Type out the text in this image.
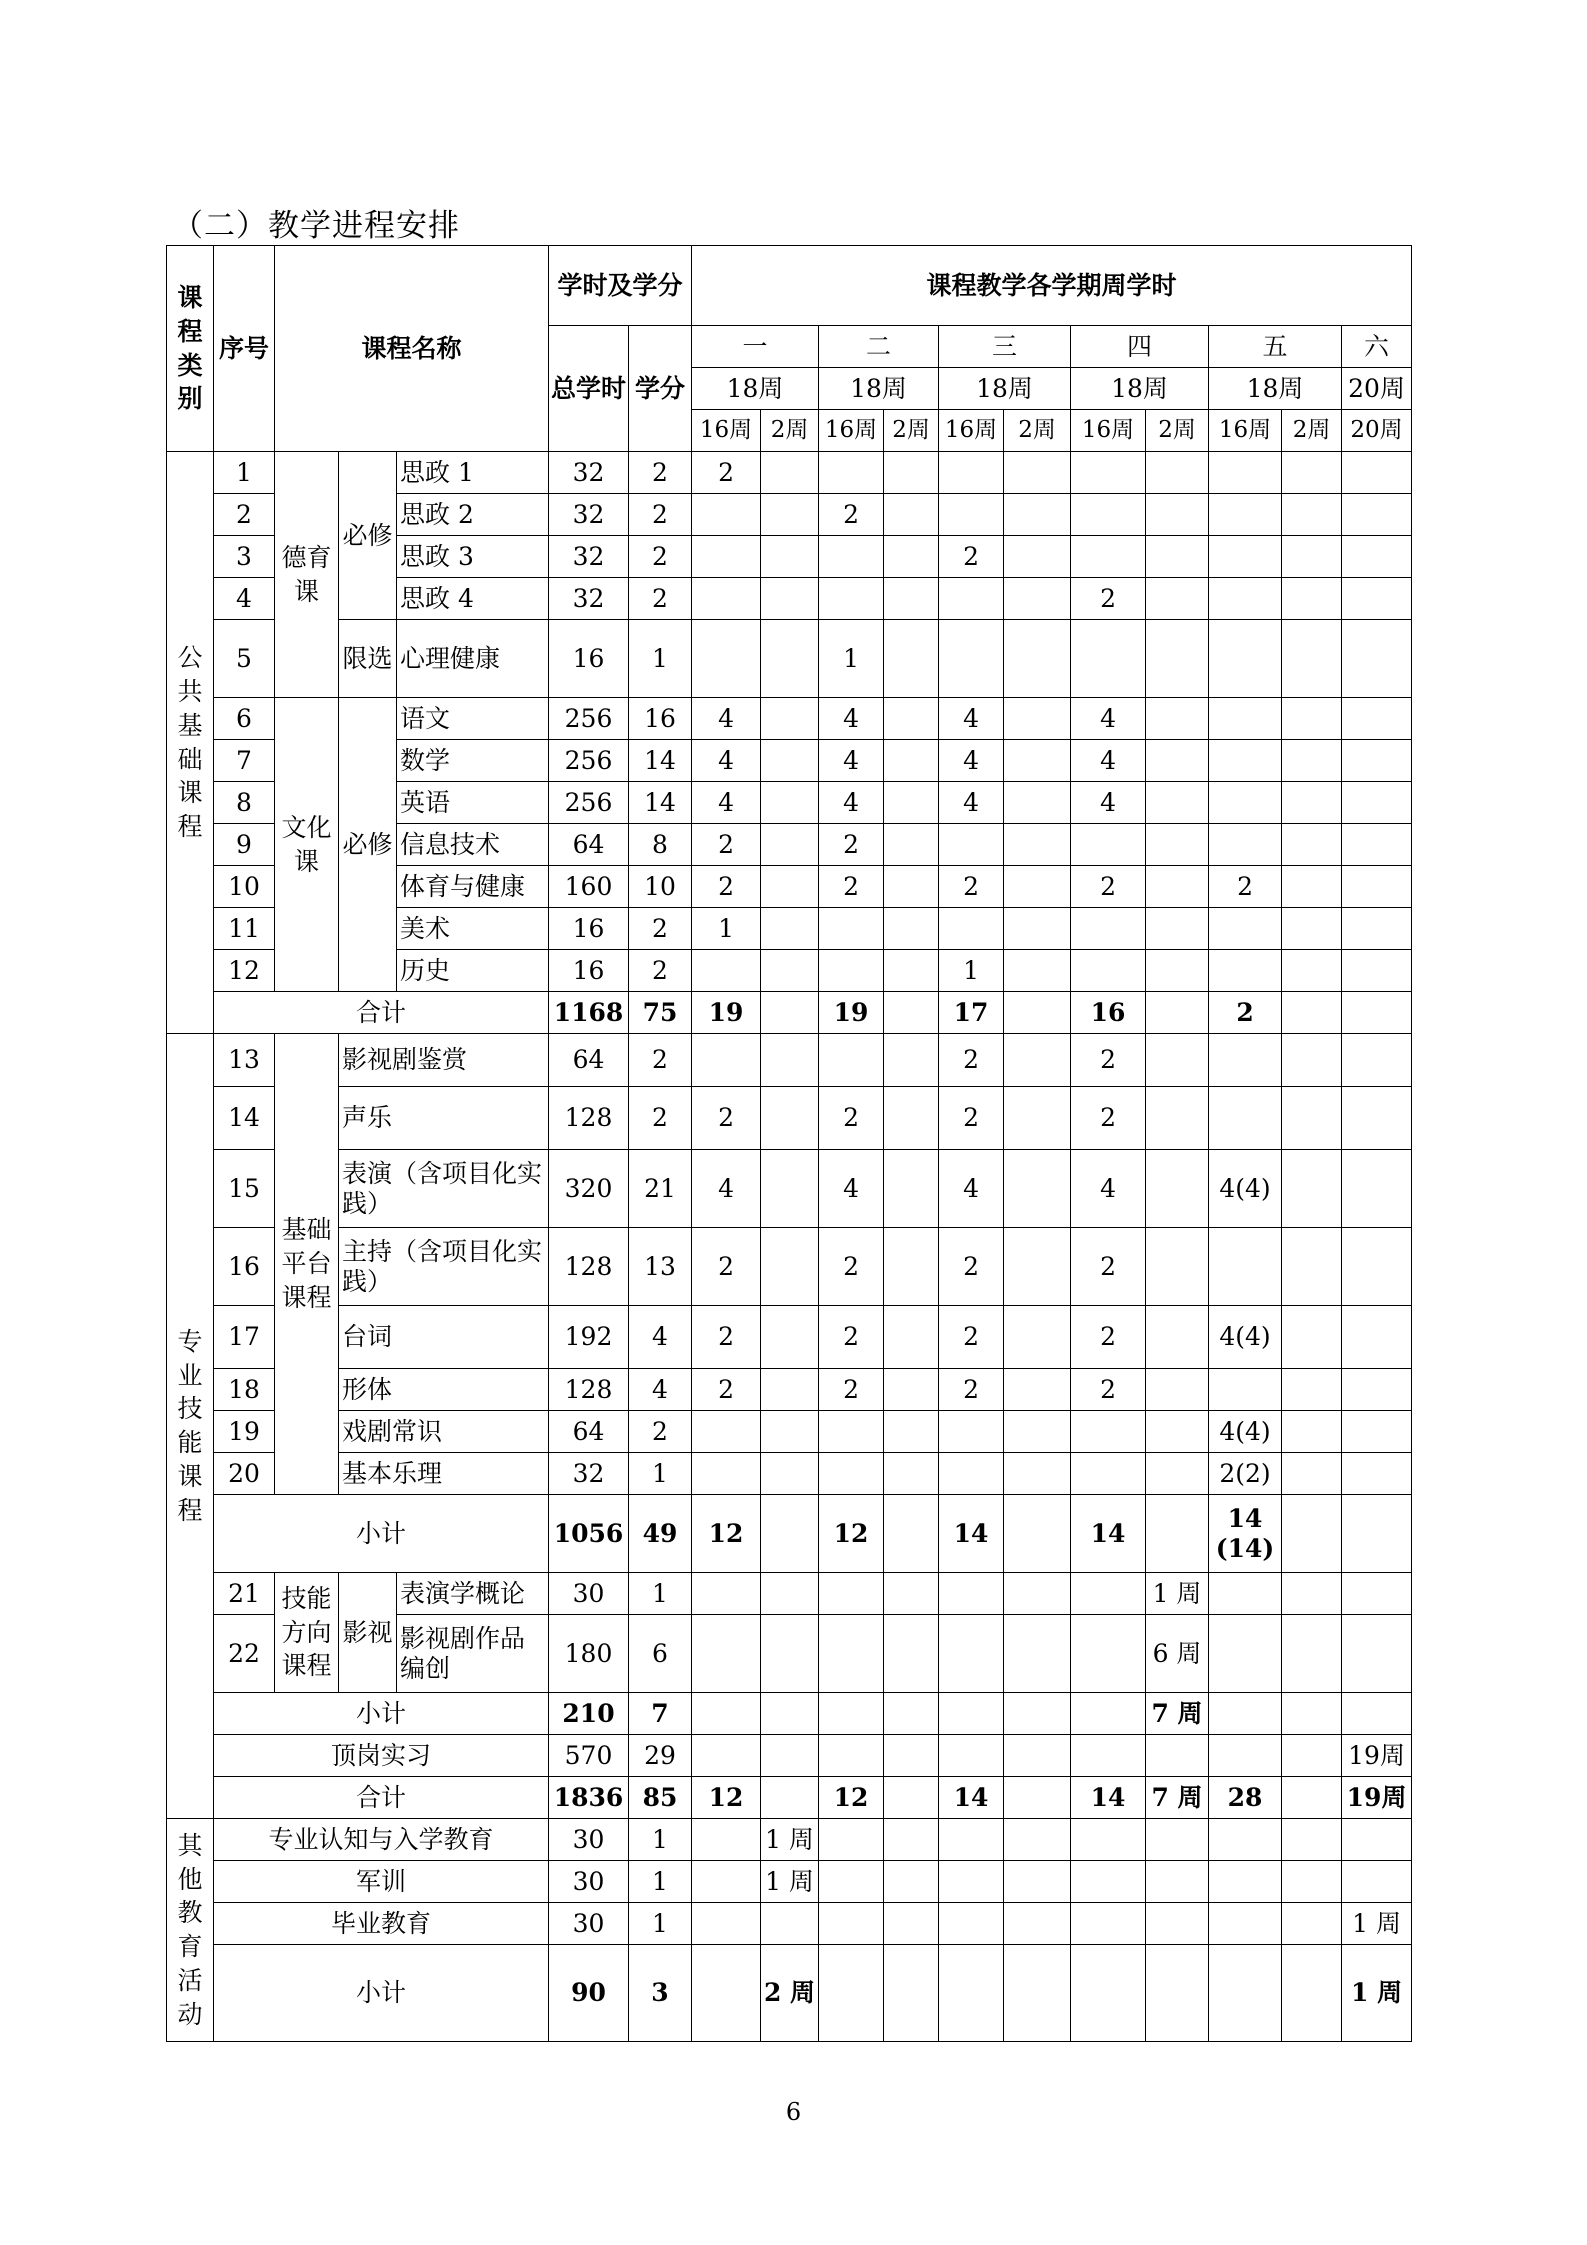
（二）教学进程安排
课程类别	序号	课程名称			学时及学分		课程教学各学期周学时										
					总学时	学分	一		二		三		四		五		六
							18周		18周		18周		18周		18周		20周
							16周	2周	16周	2周	16周	2周	16周	2周	16周	2周	20周
公共基础课程	1	德育课	必修	思政 1	32	2	2										
	2			思政 2	32	2			2								
	3			思政 3	32	2					2						
	4			思政 4	32	2							2				
	5		限选	心理健康	16	1			1								
	6	文化课	必修	语文	256	16	4		4		4		4				
	7			数学	256	14	4		4		4		4				
	8			英语	256	14	4		4		4		4				
	9			信息技术	64	8	2		2								
	10			体育与健康	160	10	2		2		2		2		2		
	11			美术	16	2	1										
	12			历史	16	2					1						
	合计				1168	75	19		19		17		16		2		
专业技能课程	13	基础平台课程	影视剧鉴赏		64	2					2		2				
	14		声乐		128	2	2		2		2		2				
	15		表演（含项目化实践）		320	21	4		4		4		4		4(4)		
	16		主持（含项目化实践）		128	13	2		2		2		2				
	17		台词		192	4	2		2		2		2		4(4)		
	18		形体		128	4	2		2		2		2				
	19		戏剧常识		64	2									4(4)		
	20		基本乐理		32	1									2(2)		
	小计				1056	49	12		12		14		14		14 (14)		
	21	技能方向课程	影视	表演学概论	30	1								1 周			
	22			影视剧作品编创	180	6								6 周			
	小计				210	7								7 周			
	顶岗实习				570	29											19周
	合计				1836	85	12		12		14		14	7 周	28		19周
其他教育活动	专业认知与入学教育				30	1		1 周									
	军训				30	1		1 周									
	毕业教育				30	1											1 周
	小计				90	3		2 周									1 周
6
